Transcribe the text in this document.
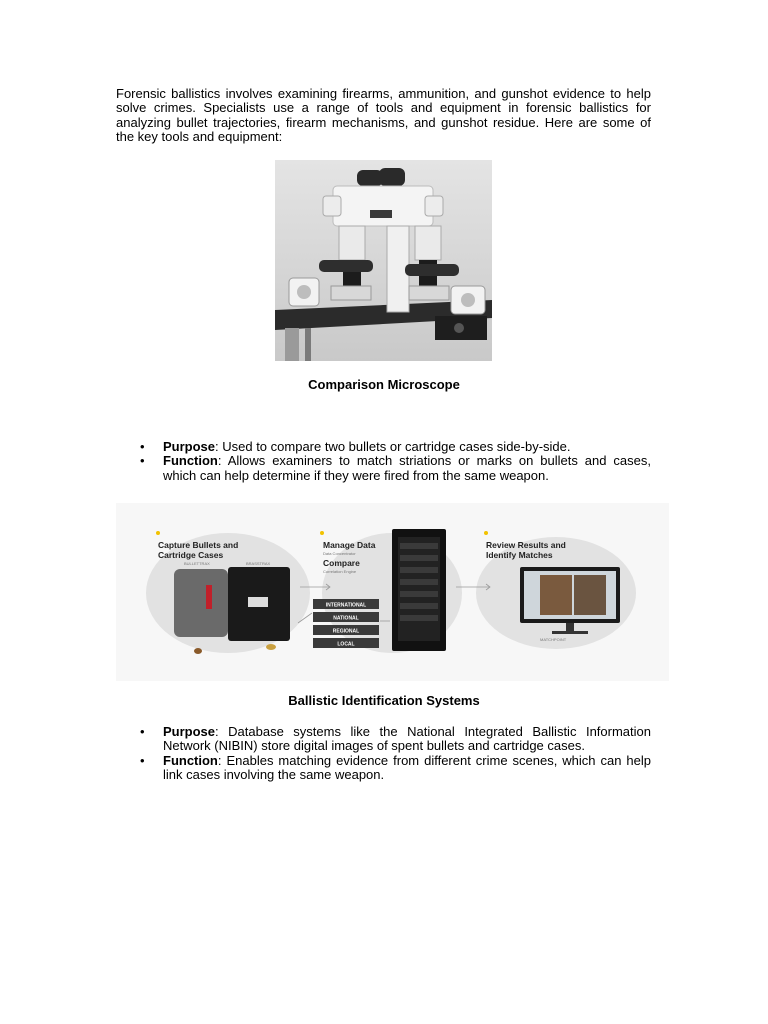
Forensic ballistics involves examining firearms, ammunition, and gunshot evidence to help solve crimes. Specialists use a range of tools and equipment in forensic ballistics for analyzing bullet trajectories, firearm mechanisms, and gunshot residue. Here are some of the key tools and equipment:

Comparison Microscope
• Purpose: Used to compare two bullets or cartridge cases side-by-side.
• Function: Allows examiners to match striations or marks on bullets and cases, which can help determine if they were fired from the same weapon.
Capture Bullets and Cartridge Cases
BULLETTRAX	BRASSTRAX
Manage Data
Data Concentrator
Compare
Correlation Engine
INTERNATIONAL
NATIONAL
REGIONAL
LOCAL
Review Results and Identify Matches
MATCHPOINT
Ballistic Identification Systems
• Purpose: Database systems like the National Integrated Ballistic Information Network (NIBIN) store digital images of spent bullets and cartridge cases.
• Function: Enables matching evidence from different crime scenes, which can help link cases involving the same weapon.
